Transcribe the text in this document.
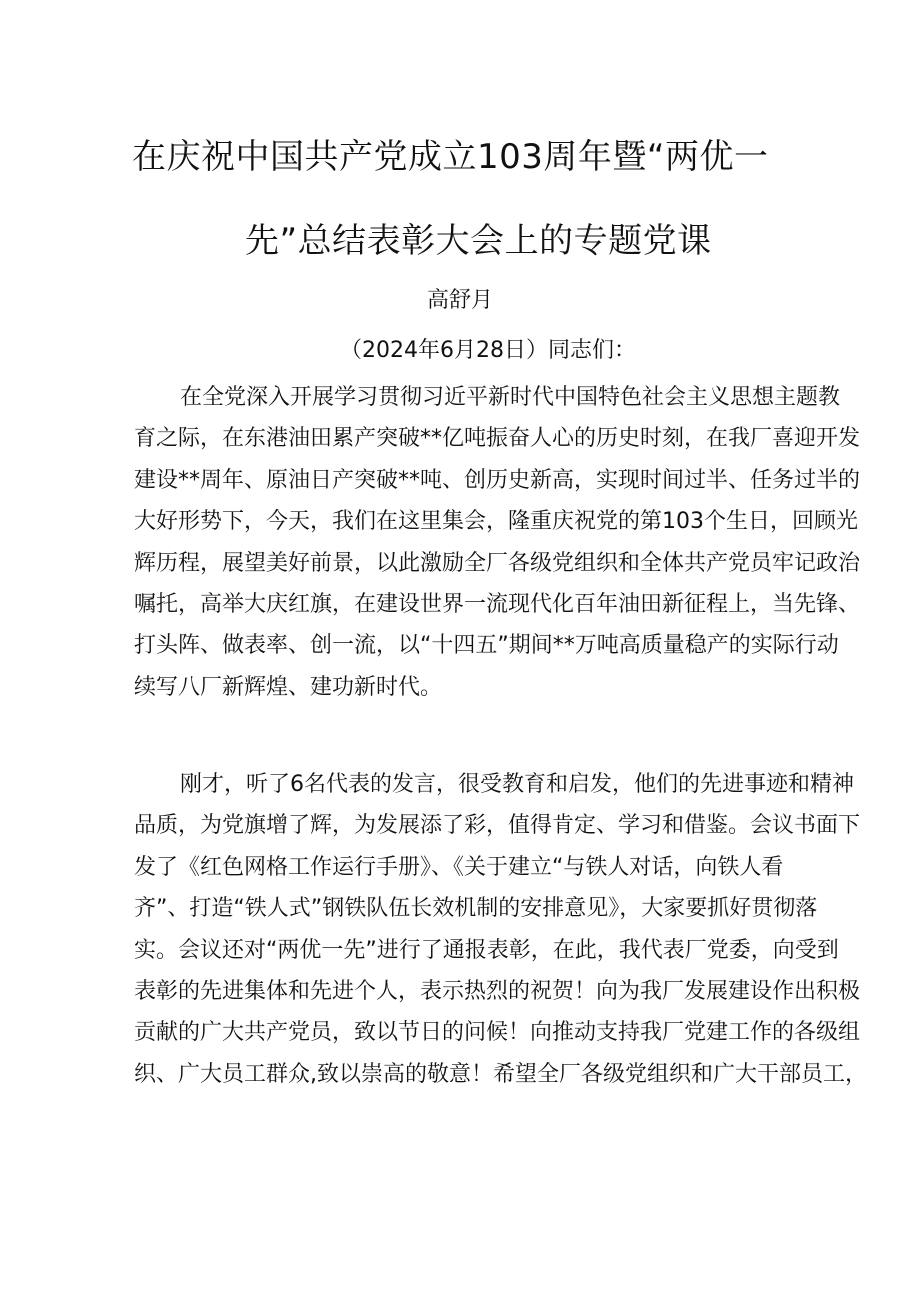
在庆祝中国共产党成立103周年暨“两优一
先”总结表彰大会上的专题党课
高舒月
（2024年6月28日）同志们：
在全党深入开展学习贯彻习近平新时代中国特色社会主义思想主题教
育之际，在东港油田累产突破**亿吨振奋人心的历史时刻，在我厂喜迎开发
建设**周年、原油日产突破**吨、创历史新高，实现时间过半、任务过半的
大好形势下，今天，我们在这里集会，隆重庆祝党的第103个生日，回顾光
辉历程，展望美好前景，以此激励全厂各级党组织和全体共产党员牢记政治
嘱托，高举大庆红旗，在建设世界一流现代化百年油田新征程上，当先锋、
打头阵、做表率、创一流，以“十四五”期间**万吨高质量稳产的实际行动
续写八厂新辉煌、建功新时代。
刚才，听了6名代表的发言，很受教育和启发，他们的先进事迹和精神
品质，为党旗增了辉，为发展添了彩，值得肯定、学习和借鉴。会议书面下
发了《红色网格工作运行手册》、《关于建立“与铁人对话，向铁人看
齐”、打造“铁人式”钢铁队伍长效机制的安排意见》，大家要抓好贯彻落
实。会议还对“两优一先”进行了通报表彰，在此，我代表厂党委，向受到
表彰的先进集体和先进个人，表示热烈的祝贺！向为我厂发展建设作出积极
贡献的广大共产党员，致以节日的问候！向推动支持我厂党建工作的各级组
织、广大员工群众,致以崇高的敬意！希望全厂各级党组织和广大干部员工，
